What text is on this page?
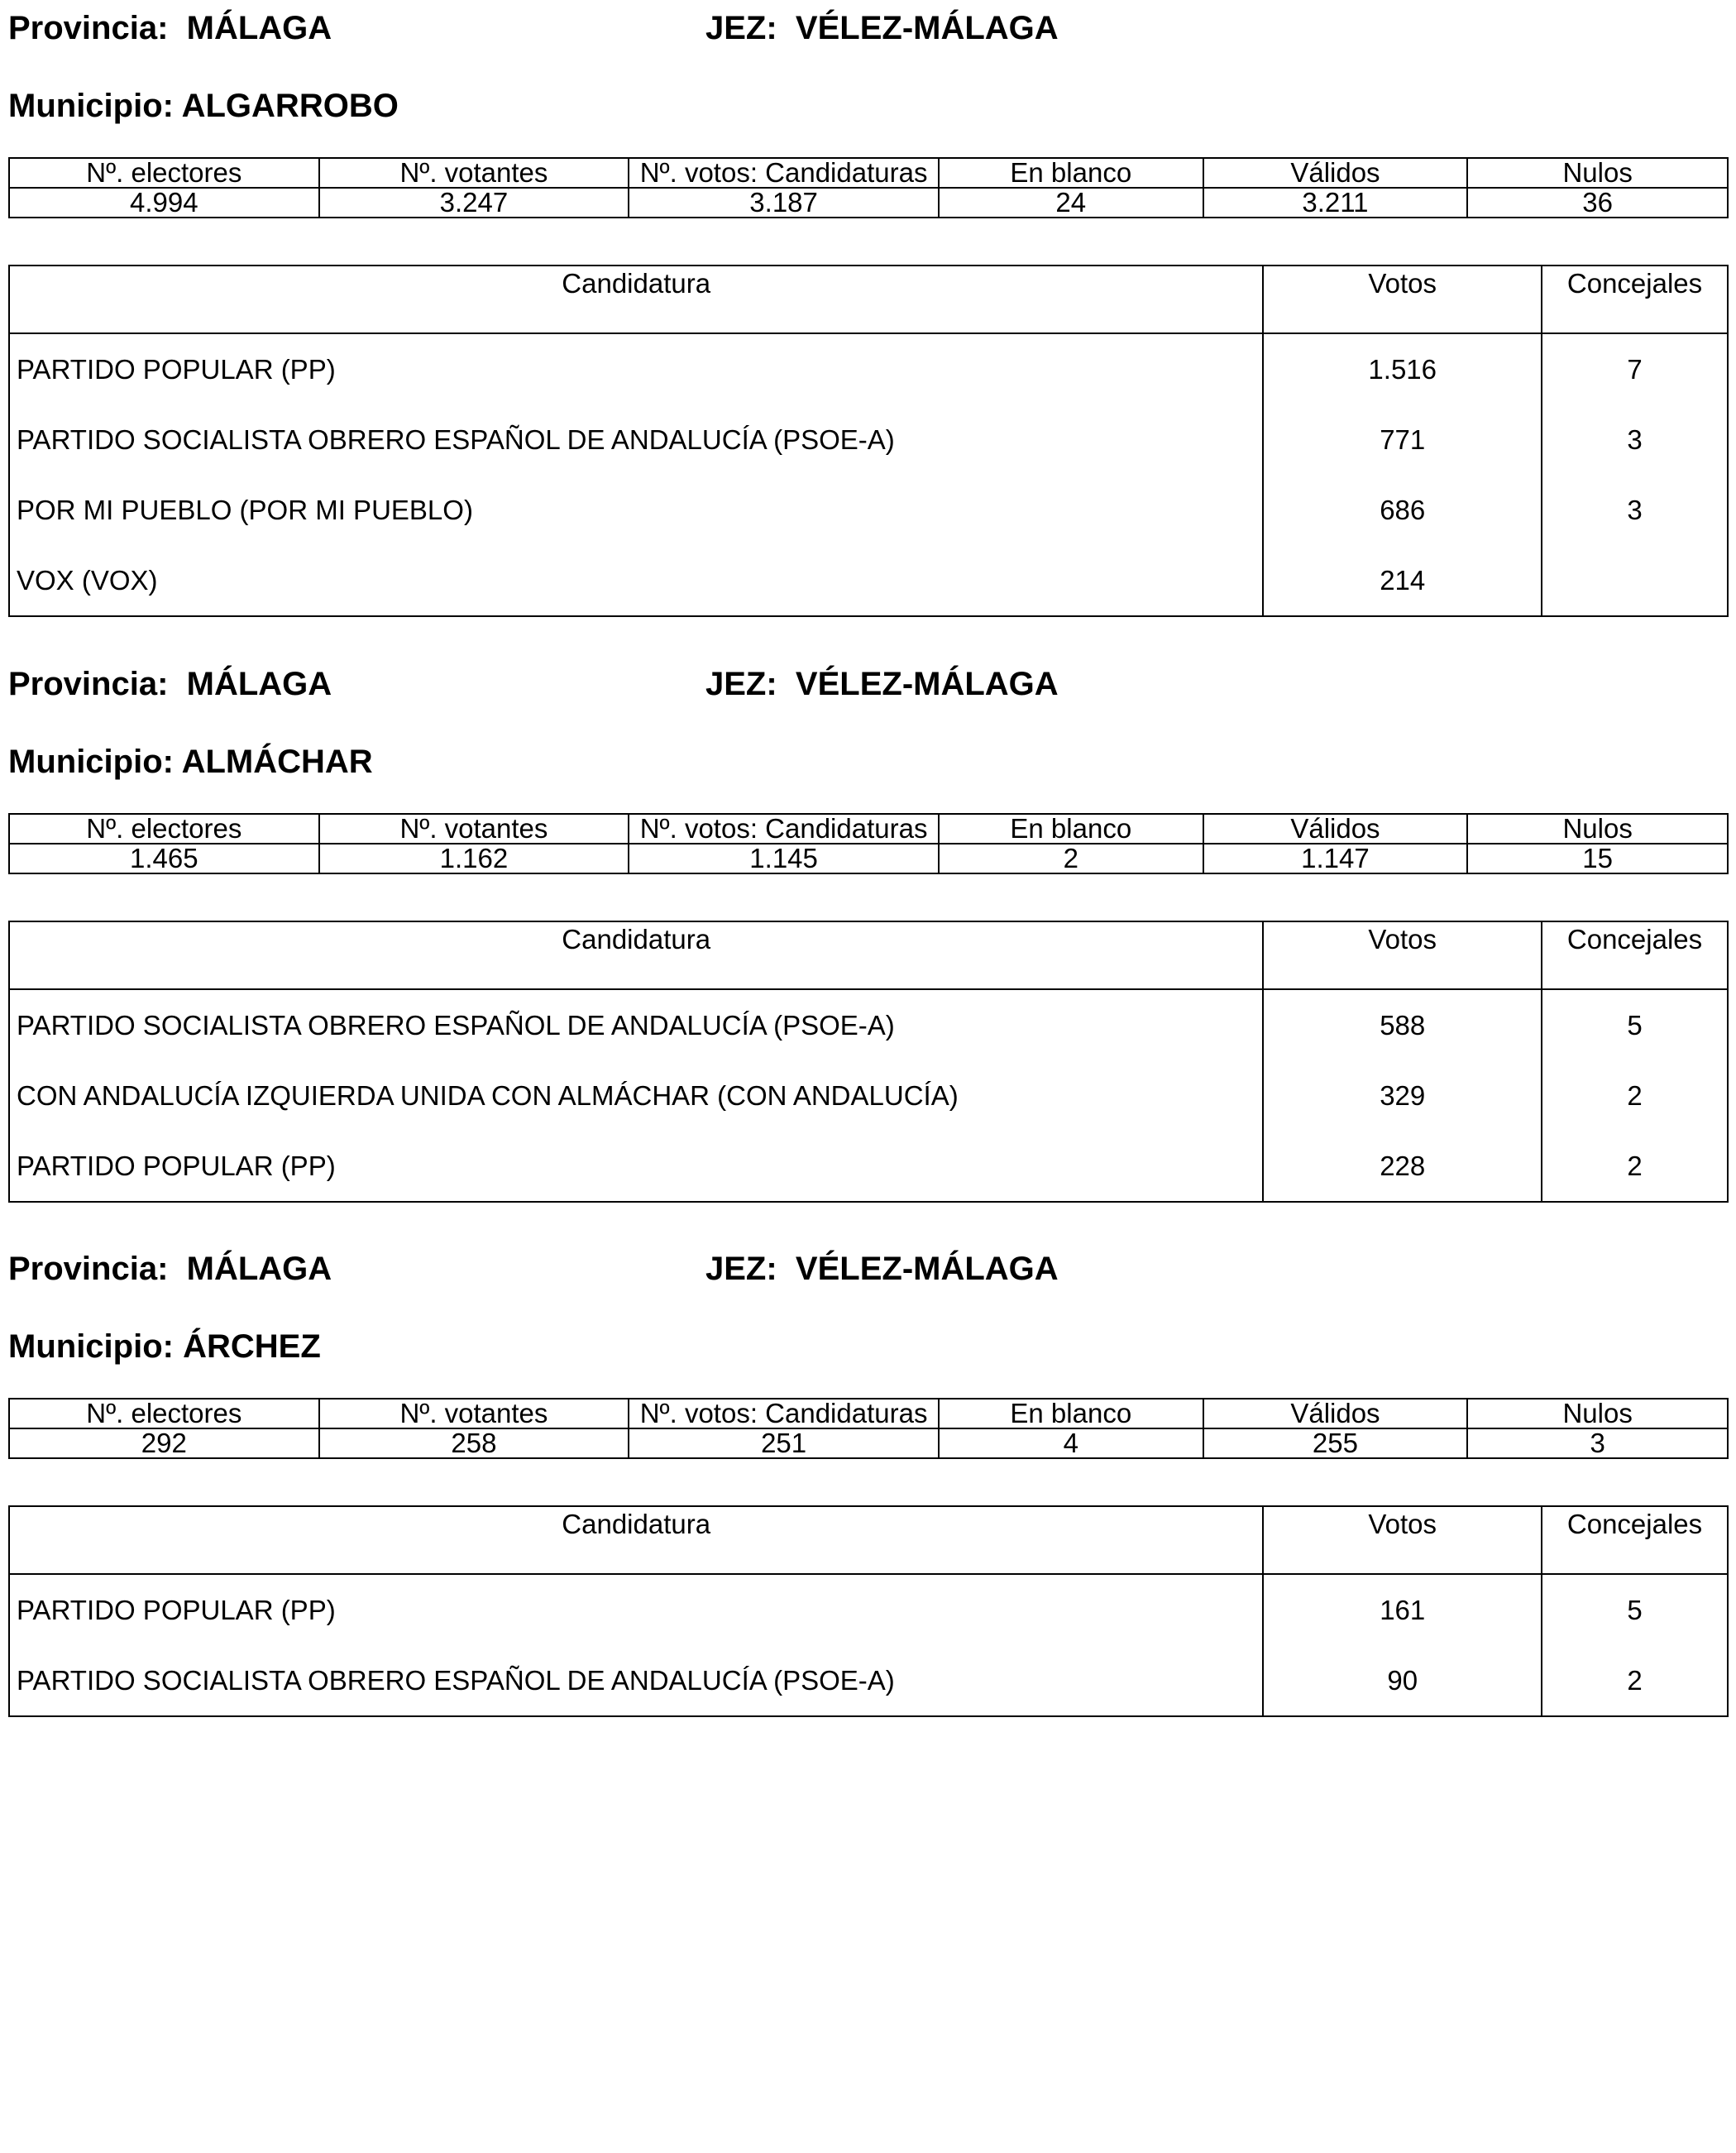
Provincia: MÁLAGA	JEZ: VÉLEZ-MÁLAGA
Municipio: ALGARROBO
Nº. electores	Nº. votantes	Nº. votos: Candidaturas	En blanco	Válidos	Nulos
4.994	3.247	3.187	24	3.211	36
Candidatura	Votos	Concejales
PARTIDO POPULAR (PP)	1.516	7
PARTIDO SOCIALISTA OBRERO ESPAÑOL DE ANDALUCÍA (PSOE-A)	771	3
POR MI PUEBLO (POR MI PUEBLO)	686	3
VOX (VOX)	214	
Provincia: MÁLAGA	JEZ: VÉLEZ-MÁLAGA
Municipio: ALMÁCHAR
Nº. electores	Nº. votantes	Nº. votos: Candidaturas	En blanco	Válidos	Nulos
1.465	1.162	1.145	2	1.147	15
Candidatura	Votos	Concejales
PARTIDO SOCIALISTA OBRERO ESPAÑOL DE ANDALUCÍA (PSOE-A)	588	5
CON ANDALUCÍA IZQUIERDA UNIDA CON ALMÁCHAR (CON ANDALUCÍA)	329	2
PARTIDO POPULAR (PP)	228	2
Provincia: MÁLAGA	JEZ: VÉLEZ-MÁLAGA
Municipio: ÁRCHEZ
Nº. electores	Nº. votantes	Nº. votos: Candidaturas	En blanco	Válidos	Nulos
292	258	251	4	255	3
Candidatura	Votos	Concejales
PARTIDO POPULAR (PP)	161	5
PARTIDO SOCIALISTA OBRERO ESPAÑOL DE ANDALUCÍA (PSOE-A)	90	2
